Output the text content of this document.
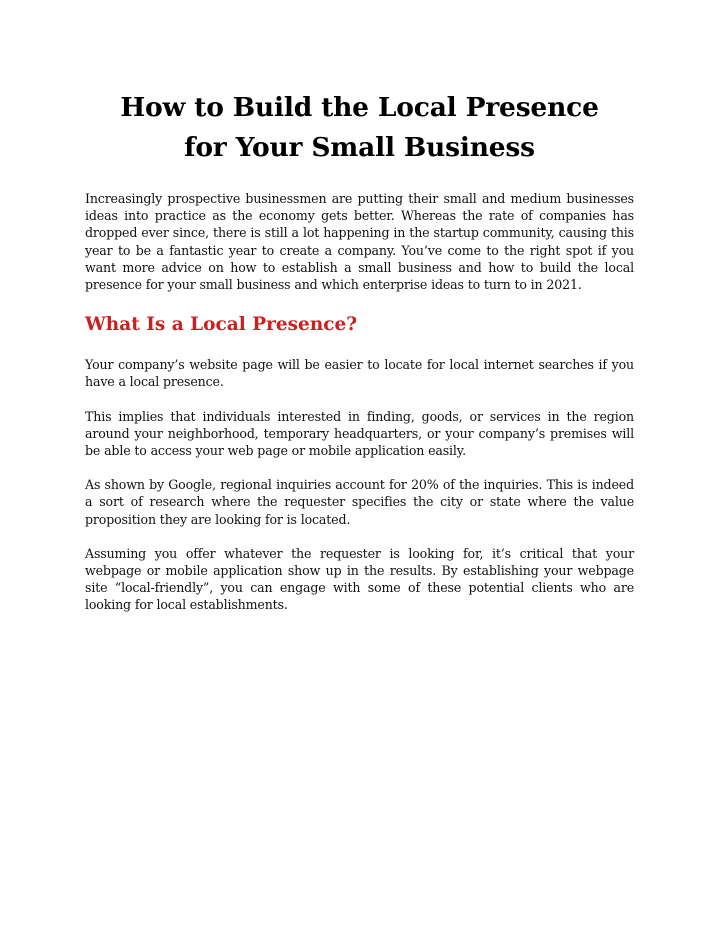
How to Build the Local Presence
for Your Small Business

Increasingly prospective businessmen are putting their small and medium businesses ideas into practice as the economy gets better. Whereas the rate of companies has dropped ever since, there is still a lot happening in the startup community, causing this year to be a fantastic year to create a company. You’ve come to the right spot if you want more advice on how to establish a small business and how to build the local presence for your small business and which enterprise ideas to turn to in 2021.

What Is a Local Presence?

Your company’s website page will be easier to locate for local internet searches if you have a local presence.

This implies that individuals interested in finding, goods, or services in the region around your neighborhood, temporary headquarters, or your company’s premises will be able to access your web page or mobile application easily.

As shown by Google, regional inquiries account for 20% of the inquiries. This is indeed a sort of research where the requester specifies the city or state where the value proposition they are looking for is located.

Assuming you offer whatever the requester is looking for, it’s critical that your webpage or mobile application show up in the results. By establishing your webpage site “local-friendly”, you can engage with some of these potential clients who are looking for local establishments.
